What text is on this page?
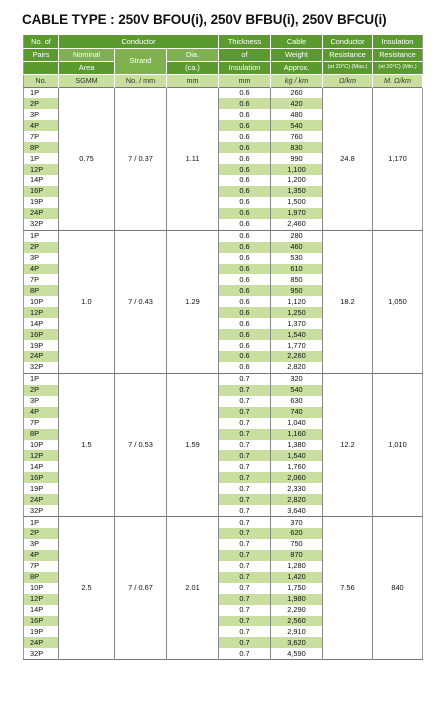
CABLE TYPE : 250V BFOU(i), 250V BFBU(i), 250V BFCU(i)
No. of	Conductor			Thickness	Cable	Conductor	Insulation
Pairs	Nominal	Strand	Dia.	of	Weight	Resistance	Resistance
	Area		(ca.)	Insulation	Approx.	(at 20°C) (Max.)	(at 20°C) (Min.)
No.	SGMM	No. / mm	mm	mm	kg / km	Ω/km	M. Ω/km
1P	0.75	7 / 0.37	1.11	0.6	260	24.8	1,170
2P				0.6	420		
3P				0.6	480		
4P				0.6	540		
7P				0.6	760		
8P				0.6	830		
1P				0.6	990		
12P				0.6	1,100		
14P				0.6	1,200		
16P				0.6	1,350		
19P				0.6	1,500		
24P				0.6	1,970		
32P				0.6	2,460		
1P	1.0	7 / 0.43	1.29	0.6	280	18.2	1,050
2P				0.6	460		
3P				0.6	530		
4P				0.6	610		
7P				0.6	850		
8P				0.6	950		
10P				0.6	1,120		
12P				0.6	1,250		
14P				0.6	1,370		
16P				0.6	1,540		
19P				0.6	1,770		
24P				0.6	2,260		
32P				0.6	2,820		
1P	1.5	7 / 0.53	1.59	0.7	320	12.2	1,010
2P				0.7	540		
3P				0.7	630		
4P				0.7	740		
7P				0.7	1,040		
8P				0.7	1,160		
10P				0.7	1,380		
12P				0.7	1,540		
14P				0.7	1,760		
16P				0.7	2,060		
19P				0.7	2,330		
24P				0.7	2,820		
32P				0.7	3,640		
1P	2.5	7 / 0.67	2.01	0.7	370	7.56	840
2P				0.7	620		
3P				0.7	750		
4P				0.7	870		
7P				0.7	1,280		
8P				0.7	1,420		
10P				0.7	1,750		
12P				0.7	1,980		
14P				0.7	2,290		
16P				0.7	2,560		
19P				0.7	2,910		
24P				0.7	3,620		
32P				0.7	4,590		
